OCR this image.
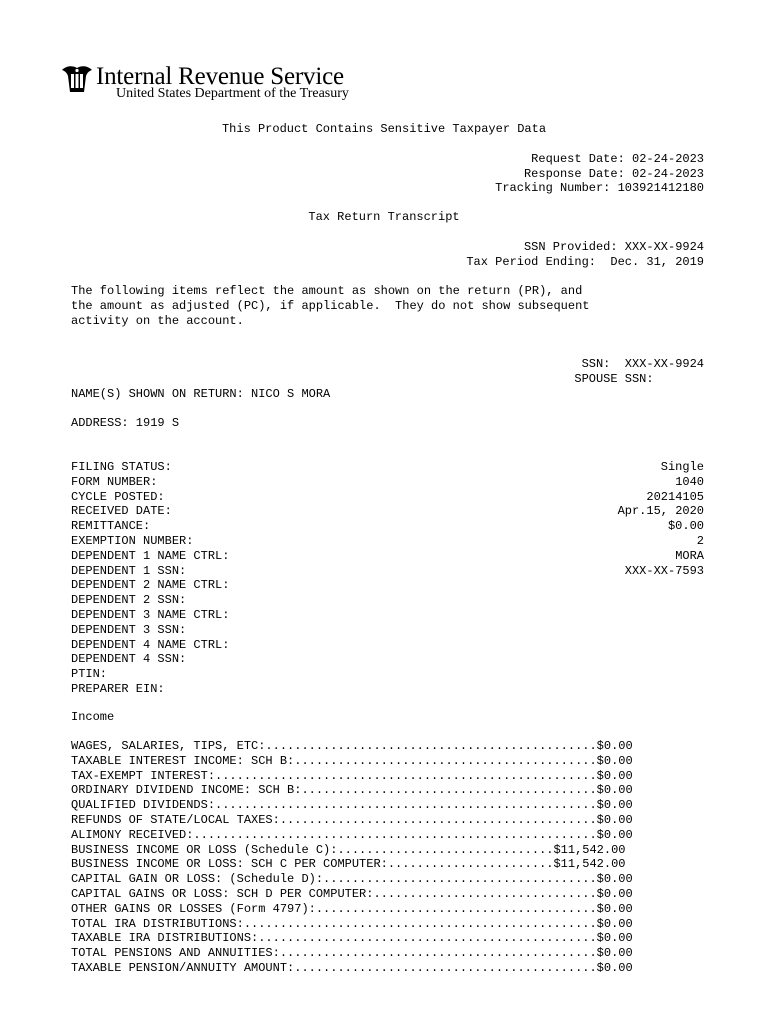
Internal Revenue Service
United States Department of the Treasury
This Product Contains Sensitive Taxpayer Data
Request Date: 02-24-2023
Response Date: 02-24-2023
Tracking Number: 103921412180
Tax Return Transcript
SSN Provided: XXX-XX-9924
Tax Period Ending:  Dec. 31, 2019
The following items reflect the amount as shown on the return (PR), and
the amount as adjusted (PC), if applicable.  They do not show subsequent
activity on the account.
SSN:  XXX-XX-9924
SPOUSE SSN:
NAME(S) SHOWN ON RETURN: NICO S MORA
ADDRESS: 1919 S
FILING STATUS:	Single
FORM NUMBER:	1040
CYCLE POSTED:	20214105
RECEIVED DATE:	Apr.15, 2020
REMITTANCE:	$0.00
EXEMPTION NUMBER:	2
DEPENDENT 1 NAME CTRL:	MORA
DEPENDENT 1 SSN:	XXX-XX-7593
DEPENDENT 2 NAME CTRL:
DEPENDENT 2 SSN:
DEPENDENT 3 NAME CTRL:
DEPENDENT 3 SSN:
DEPENDENT 4 NAME CTRL:
DEPENDENT 4 SSN:
PTIN:
PREPARER EIN:
Income
WAGES, SALARIES, TIPS, ETC:..............................................$0.00
TAXABLE INTEREST INCOME: SCH B:..........................................$0.00
TAX-EXEMPT INTEREST:.....................................................$0.00
ORDINARY DIVIDEND INCOME: SCH B:.........................................$0.00
QUALIFIED DIVIDENDS:.....................................................$0.00
REFUNDS OF STATE/LOCAL TAXES:............................................$0.00
ALIMONY RECEIVED:........................................................$0.00
BUSINESS INCOME OR LOSS (Schedule C):..............................$11,542.00
BUSINESS INCOME OR LOSS: SCH C PER COMPUTER:.......................$11,542.00
CAPITAL GAIN OR LOSS: (Schedule D):......................................$0.00
CAPITAL GAINS OR LOSS: SCH D PER COMPUTER:...............................$0.00
OTHER GAINS OR LOSSES (Form 4797):.......................................$0.00
TOTAL IRA DISTRIBUTIONS:.................................................$0.00
TAXABLE IRA DISTRIBUTIONS:...............................................$0.00
TOTAL PENSIONS AND ANNUITIES:............................................$0.00
TAXABLE PENSION/ANNUITY AMOUNT:..........................................$0.00
